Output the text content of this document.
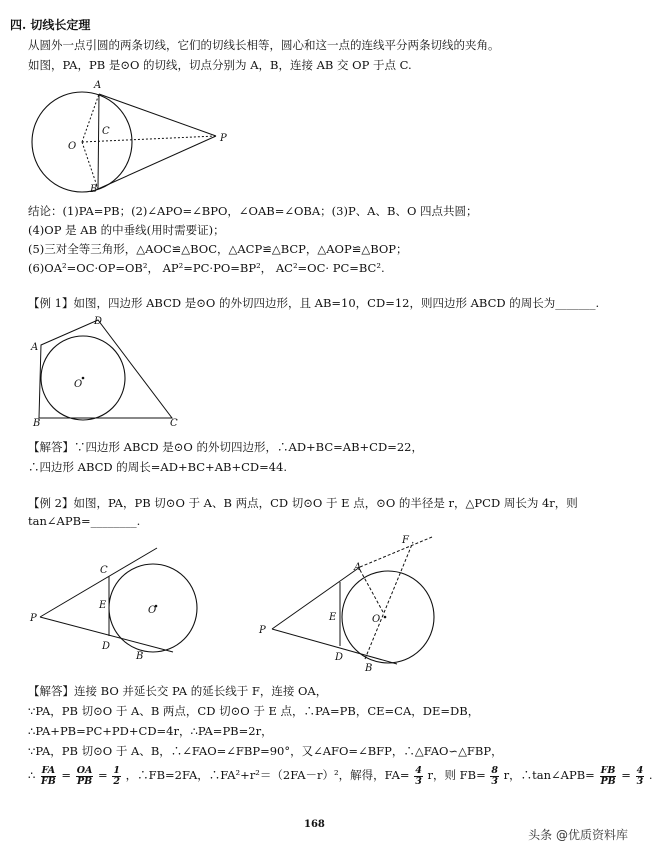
四. 切线长定理
从圆外一点引圆的两条切线，它们的切线长相等，圆心和这一点的连线平分两条切线的夹角。
如图，PA，PB 是⊙O 的切线，切点分别为 A，B，连接 AB 交 OP 于点 C.
A
B
C
O
P
结论：(1)PA=PB；(2)∠APO=∠BPO，∠OAB=∠OBA；(3)P、A、B、O 四点共圆；
(4)OP 是 AB 的中垂线(用时需要证)；
(5)三对全等三角形，△AOC≌△BOC，△ACP≌△BCP，△AOP≌△BOP；
(6)OA²=OC·OP=OB²， AP²=PC·PO=BP²， AC²=OC· PC=BC².
【例 1】如图，四边形 ABCD 是⊙O 的外切四边形，且 AB=10，CD=12，则四边形 ABCD 的周长为_______.
A
D
B	C
O
【解答】∵四边形 ABCD 是⊙O 的外切四边形，∴AD+BC=AB+CD=22，
∴四边形 ABCD 的周长=AD+BC+AB+CD=44.
【例 2】如图，PA，PB 切⊙O 于 A、B 两点，CD 切⊙O 于 E 点，⊙O 的半径是 r，△PCD 周长为 4r，则
tan∠APB=________.
P
C
E
D
B
O
P
A
E
D
B
O
F
【解答】连接 BO 并延长交 PA 的延长线于 F，连接 OA，
∵PA，PB 切⊙O 于 A、B 两点，CD 切⊙O 于 E 点，∴PA=PB，CE=CA，DE=DB，
∴PA+PB=PC+PD+CD=4r，∴PA=PB=2r，
∵PA，PB 切⊙O 于 A、B，∴∠FAO=∠FBP=90°，又∠AFO=∠BFP，∴△FAO∽△FBP，
∴ $\frac{FA}{FB} = \frac{OA}{PB} = \frac{1}{2}$ ，∴FB=2FA，∴FA²+r²＝（2FA－r）²，解得，$FA= \frac{4}{3}$ r，则 $FB= \frac{8}{3}$ r，∴tan∠APB= $\frac{FB}{PB} = \frac{4}{3}$ .
168
头条 @优质资料库
